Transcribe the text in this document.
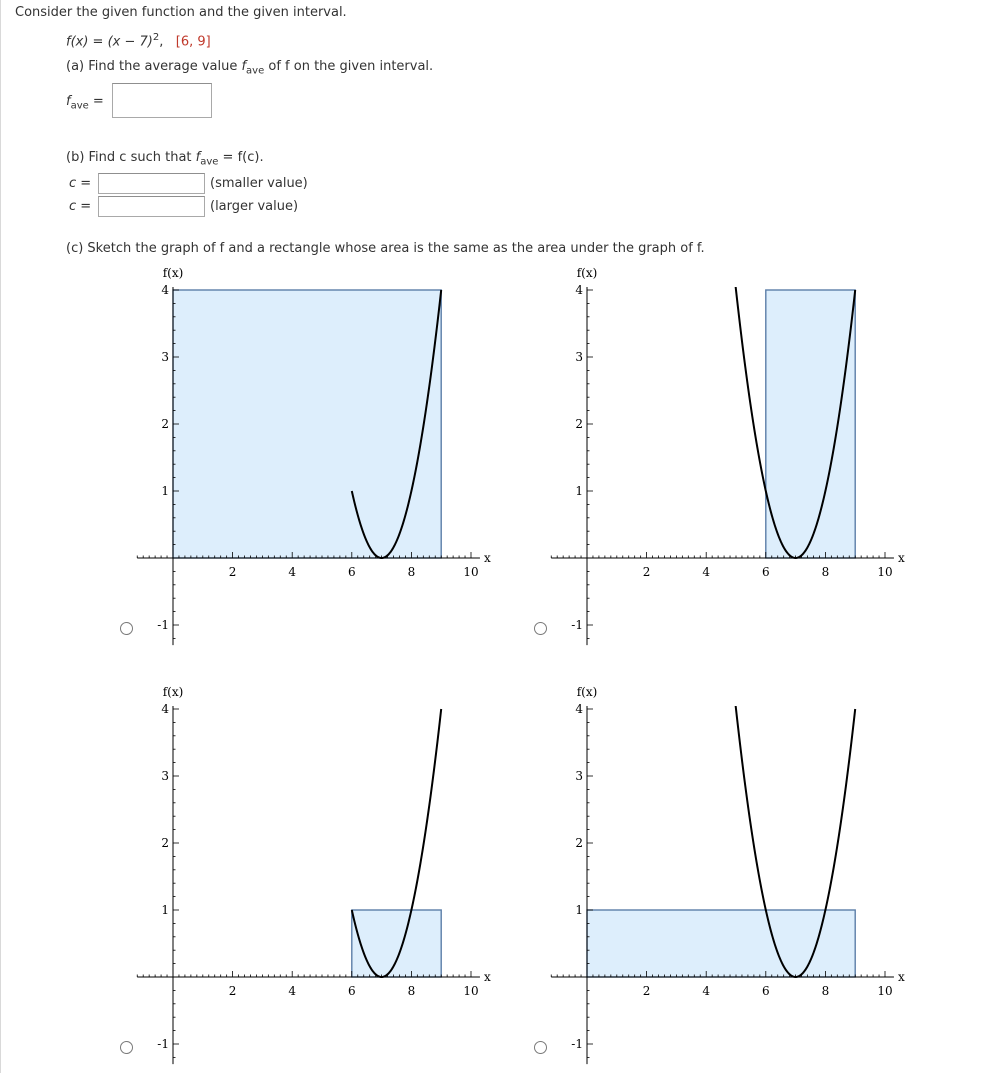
Consider the given function and the given interval.
$f(x) = (x - 7)^2$, [6, 9]
(a) Find the average value $f_{ave}$ of f on the given interval.
$f_{ave}$ =
(b) Find c such that $f_{ave} = f(c)$.
c =	(smaller value)
c =	(larger value)
(c) Sketch the graph of f and a rectangle whose area is the same as the area under the graph of f.
2	4	6	8	10
4
3
2
1
-1
f(x)
x
2	4	6	8	10
4
3
2
1
-1
f(x)
x
2	4	6	8	10
4
3
2
1
-1
f(x)
x
2	4	6	8	10
4
3
2
1
-1
f(x)
x
